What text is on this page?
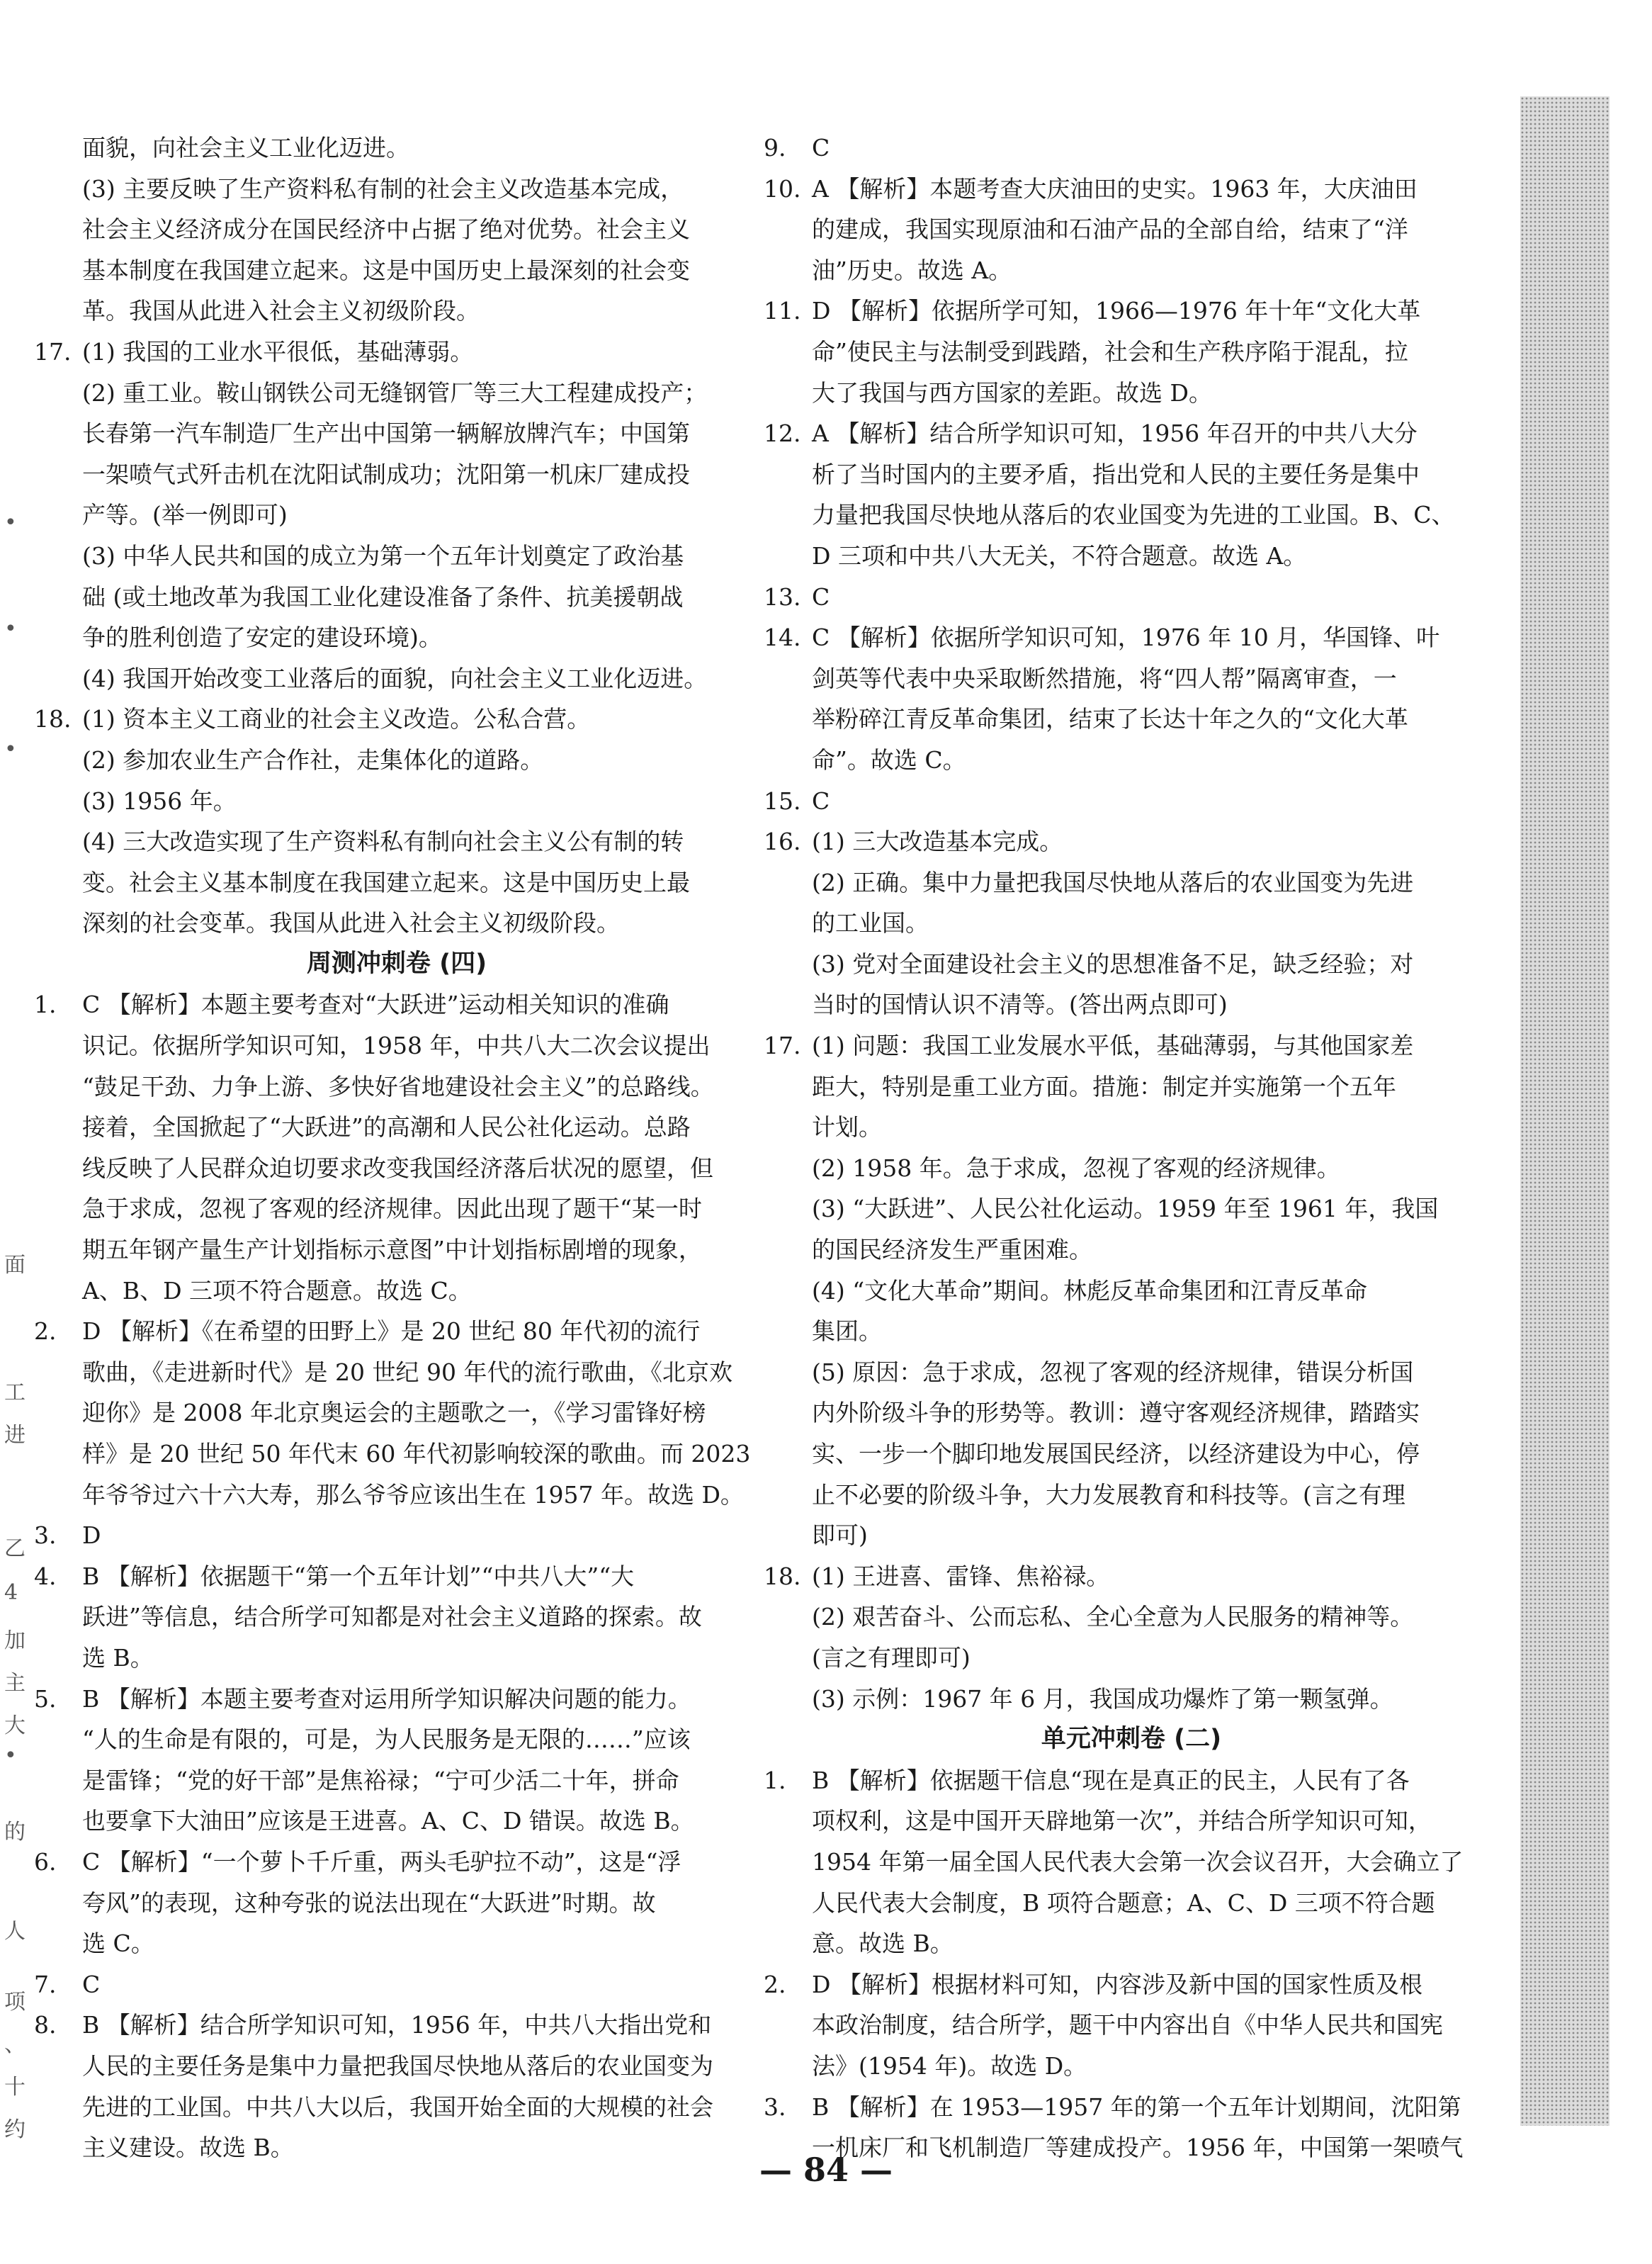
面貌，向社会主义工业化迈进。
(3) 主要反映了生产资料私有制的社会主义改造基本完成，
社会主义经济成分在国民经济中占据了绝对优势。社会主义
基本制度在我国建立起来。这是中国历史上最深刻的社会变
革。我国从此进入社会主义初级阶段。
17. (1) 我国的工业水平很低，基础薄弱。
(2) 重工业。鞍山钢铁公司无缝钢管厂等三大工程建成投产；
长春第一汽车制造厂生产出中国第一辆解放牌汽车；中国第
一架喷气式歼击机在沈阳试制成功；沈阳第一机床厂建成投
产等。(举一例即可)
(3) 中华人民共和国的成立为第一个五年计划奠定了政治基
础 (或土地改革为我国工业化建设准备了条件、抗美援朝战
争的胜利创造了安定的建设环境)。
(4) 我国开始改变工业落后的面貌，向社会主义工业化迈进。
18. (1) 资本主义工商业的社会主义改造。公私合营。
(2) 参加农业生产合作社，走集体化的道路。
(3) 1956 年。
(4) 三大改造实现了生产资料私有制向社会主义公有制的转
变。社会主义基本制度在我国建立起来。这是中国历史上最
深刻的社会变革。我国从此进入社会主义初级阶段。
周测冲刺卷 (四)
1. C 【解析】本题主要考查对“大跃进”运动相关知识的准确
识记。依据所学知识可知，1958 年，中共八大二次会议提出
“鼓足干劲、力争上游、多快好省地建设社会主义”的总路线。
接着，全国掀起了“大跃进”的高潮和人民公社化运动。总路
线反映了人民群众迫切要求改变我国经济落后状况的愿望，但
急于求成，忽视了客观的经济规律。因此出现了题干“某一时
期五年钢产量生产计划指标示意图”中计划指标剧增的现象，
A、B、D 三项不符合题意。故选 C。
2. D 【解析】《在希望的田野上》是 20 世纪 80 年代初的流行
歌曲，《走进新时代》是 20 世纪 90 年代的流行歌曲，《北京欢
迎你》是 2008 年北京奥运会的主题歌之一，《学习雷锋好榜
样》是 20 世纪 50 年代末 60 年代初影响较深的歌曲。而 2023
年爷爷过六十六大寿，那么爷爷应该出生在 1957 年。故选 D。
3. D
4. B 【解析】依据题干“第一个五年计划”“中共八大”“大
跃进”等信息，结合所学可知都是对社会主义道路的探索。故
选 B。
5. B 【解析】本题主要考查对运用所学知识解决问题的能力。
“人的生命是有限的，可是，为人民服务是无限的……”应该
是雷锋；“党的好干部”是焦裕禄；“宁可少活二十年，拼命
也要拿下大油田”应该是王进喜。A、C、D 错误。故选 B。
6. C 【解析】“一个萝卜千斤重，两头毛驴拉不动”，这是“浮
夸风”的表现，这种夸张的说法出现在“大跃进”时期。故
选 C。
7. C
8. B 【解析】结合所学知识可知，1956 年，中共八大指出党和
人民的主要任务是集中力量把我国尽快地从落后的农业国变为
先进的工业国。中共八大以后，我国开始全面的大规模的社会
主义建设。故选 B。
9. C
10. A 【解析】本题考查大庆油田的史实。1963 年，大庆油田
的建成，我国实现原油和石油产品的全部自给，结束了“洋
油”历史。故选 A。
11. D 【解析】依据所学可知，1966—1976 年十年“文化大革
命”使民主与法制受到践踏，社会和生产秩序陷于混乱，拉
大了我国与西方国家的差距。故选 D。
12. A 【解析】结合所学知识可知，1956 年召开的中共八大分
析了当时国内的主要矛盾，指出党和人民的主要任务是集中
力量把我国尽快地从落后的农业国变为先进的工业国。B、C、
D 三项和中共八大无关，不符合题意。故选 A。
13. C
14. C 【解析】依据所学知识可知，1976 年 10 月，华国锋、叶
剑英等代表中央采取断然措施，将“四人帮”隔离审查，一
举粉碎江青反革命集团，结束了长达十年之久的“文化大革
命”。故选 C。
15. C
16. (1) 三大改造基本完成。
(2) 正确。集中力量把我国尽快地从落后的农业国变为先进
的工业国。
(3) 党对全面建设社会主义的思想准备不足，缺乏经验；对
当时的国情认识不清等。(答出两点即可)
17. (1) 问题：我国工业发展水平低，基础薄弱，与其他国家差
距大，特别是重工业方面。措施：制定并实施第一个五年
计划。
(2) 1958 年。急于求成，忽视了客观的经济规律。
(3) “大跃进”、人民公社化运动。1959 年至 1961 年，我国
的国民经济发生严重困难。
(4) “文化大革命”期间。林彪反革命集团和江青反革命
集团。
(5) 原因：急于求成，忽视了客观的经济规律，错误分析国
内外阶级斗争的形势等。教训：遵守客观经济规律，踏踏实
实、一步一个脚印地发展国民经济，以经济建设为中心，停
止不必要的阶级斗争，大力发展教育和科技等。(言之有理
即可)
18. (1) 王进喜、雷锋、焦裕禄。
(2) 艰苦奋斗、公而忘私、全心全意为人民服务的精神等。
(言之有理即可)
(3) 示例：1967 年 6 月，我国成功爆炸了第一颗氢弹。
单元冲刺卷 (二)
1. B 【解析】依据题干信息“现在是真正的民主，人民有了各
项权利，这是中国开天辟地第一次”，并结合所学知识可知，
1954 年第一届全国人民代表大会第一次会议召开，大会确立了
人民代表大会制度，B 项符合题意；A、C、D 三项不符合题
意。故选 B。
2. D 【解析】根据材料可知，内容涉及新中国的国家性质及根
本政治制度，结合所学，题干中内容出自《中华人民共和国宪
法》(1954 年)。故选 D。
3. B 【解析】在 1953—1957 年的第一个五年计划期间，沈阳第
一机床厂和飞机制造厂等建成投产。1956 年，中国第一架喷气
•
•
•
面
工
进
乙
4
加
主
大
•
的
人
项
、
十
约
— 84 —
